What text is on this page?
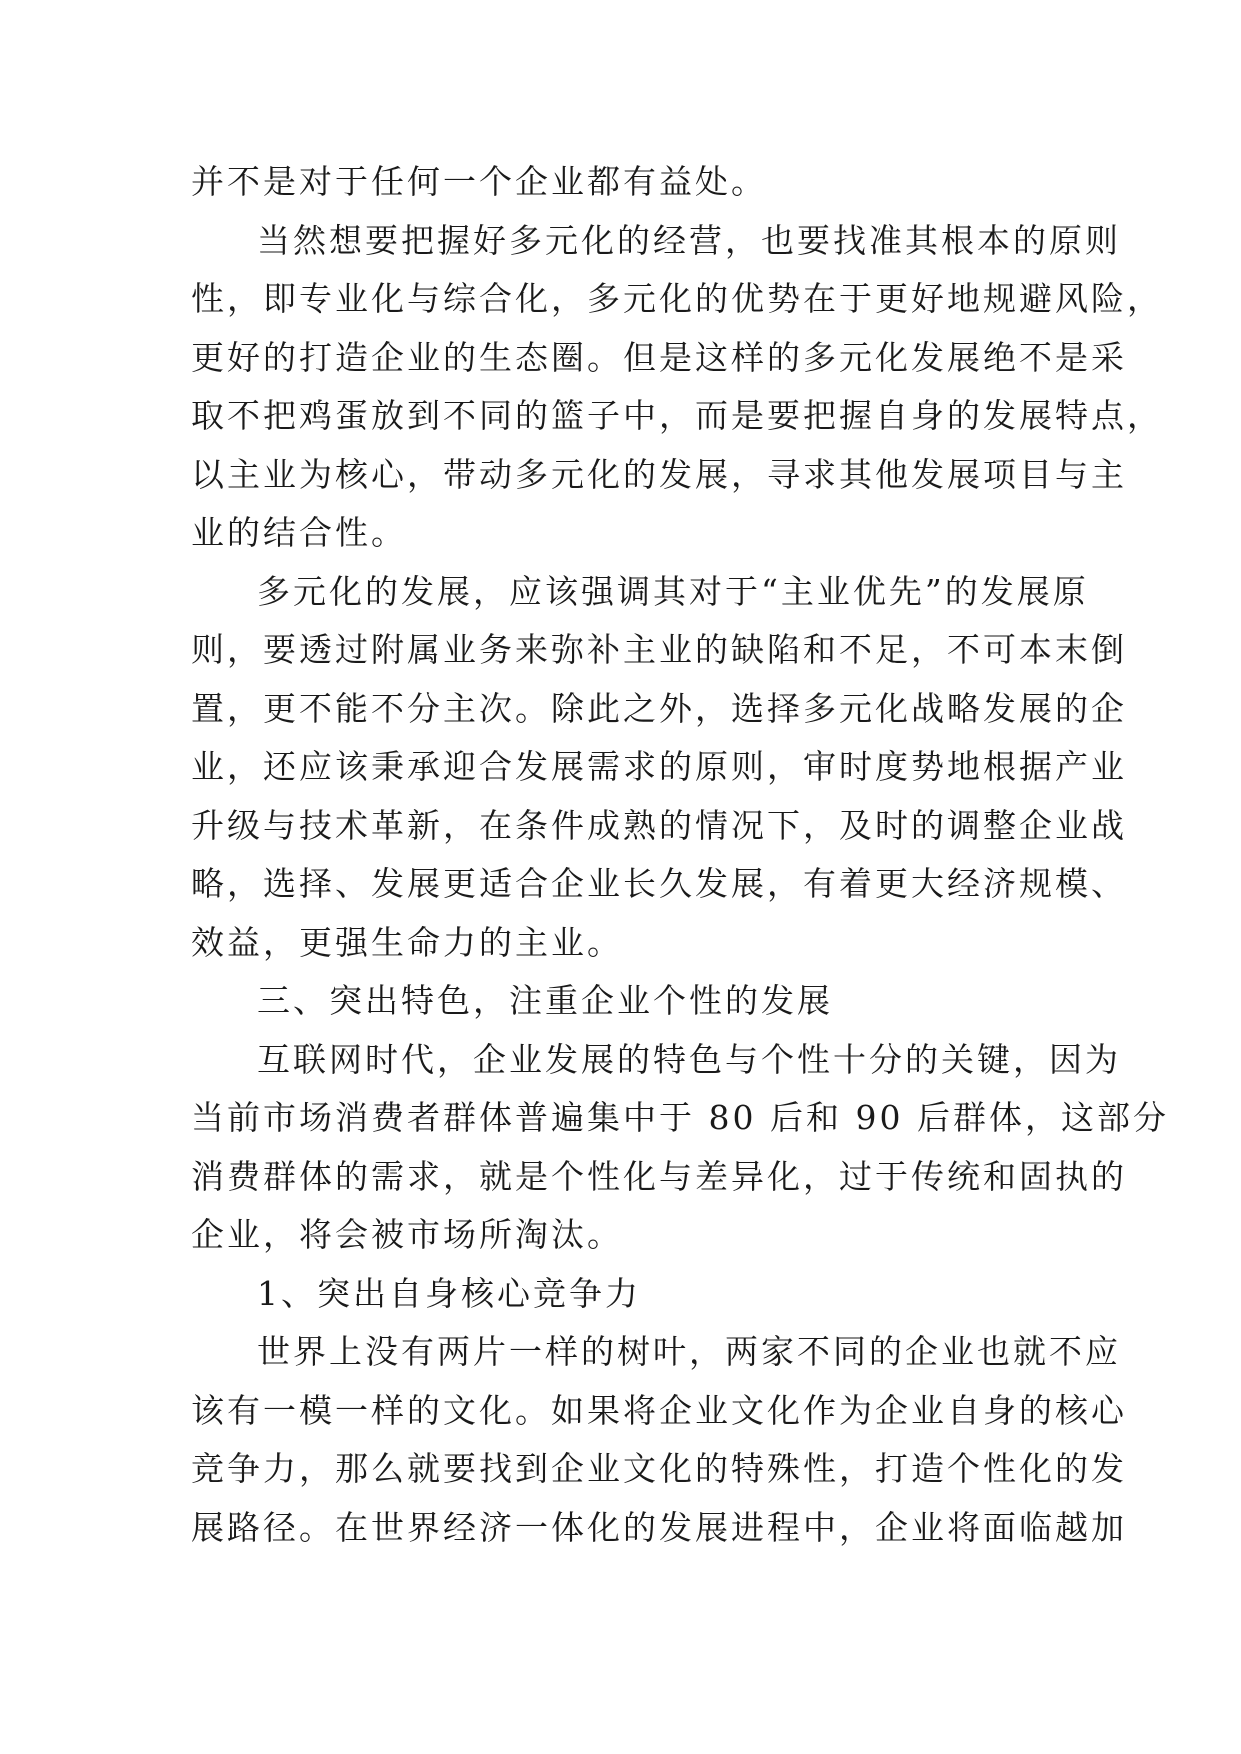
并不是对于任何一个企业都有益处。
当然想要把握好多元化的经营，也要找准其根本的原则
性，即专业化与综合化，多元化的优势在于更好地规避风险，
更好的打造企业的生态圈。但是这样的多元化发展绝不是采
取不把鸡蛋放到不同的篮子中，而是要把握自身的发展特点，
以主业为核心，带动多元化的发展，寻求其他发展项目与主
业的结合性。
多元化的发展，应该强调其对于“主业优先”的发展原
则，要透过附属业务来弥补主业的缺陷和不足，不可本末倒
置，更不能不分主次。除此之外，选择多元化战略发展的企
业，还应该秉承迎合发展需求的原则，审时度势地根据产业
升级与技术革新，在条件成熟的情况下，及时的调整企业战
略，选择、发展更适合企业长久发展，有着更大经济规模、
效益，更强生命力的主业。
三、突出特色，注重企业个性的发展
互联网时代，企业发展的特色与个性十分的关键，因为
当前市场消费者群体普遍集中于 80 后和 90 后群体，这部分
消费群体的需求，就是个性化与差异化，过于传统和固执的
企业，将会被市场所淘汰。
1、突出自身核心竞争力
世界上没有两片一样的树叶，两家不同的企业也就不应
该有一模一样的文化。如果将企业文化作为企业自身的核心
竞争力，那么就要找到企业文化的特殊性，打造个性化的发
展路径。在世界经济一体化的发展进程中，企业将面临越加
